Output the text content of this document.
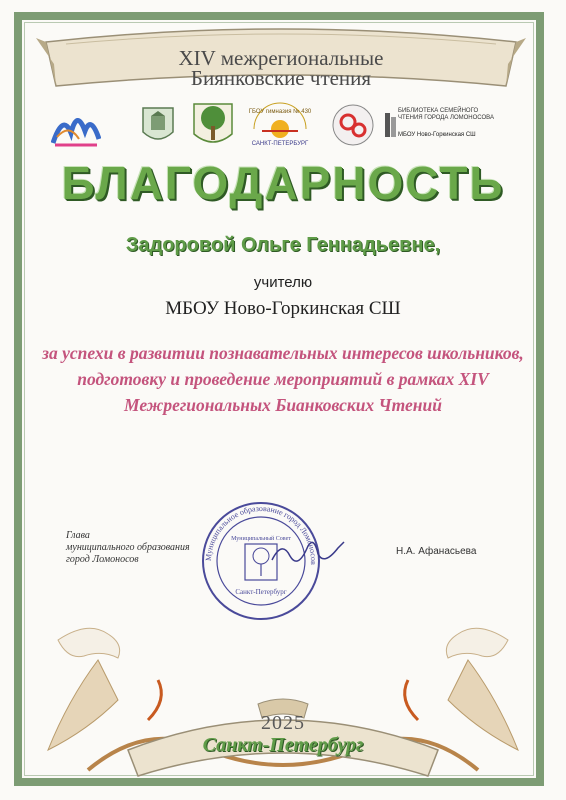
XIV межрегиональные
Биянковские чтения
ГБОУ гимназия № 430
САНКТ-ПЕТЕРБУРГ
БИБЛИОТЕКА СЕМЕЙНОГО ЧТЕНИЯ ГОРОДА ЛОМОНОСОВА
МБОУ Ново-Горкинская СШ
БЛАГОДАРНОСТЬ
Задоровой Ольге Геннадьевне,
учителю
МБОУ Ново-Горкинская СШ
за успехи в развитии познавательных интересов школьников, подготовку и проведение мероприятий в рамках XIV Межрегиональных Бианковских Чтений
Глава
муниципального образования
город Ломоносов
Н.А. Афанасьева
Муниципальное образование город Ломоносов
Муниципальный Совет
Санкт-Петербург
2025
Санкт-Петербург
